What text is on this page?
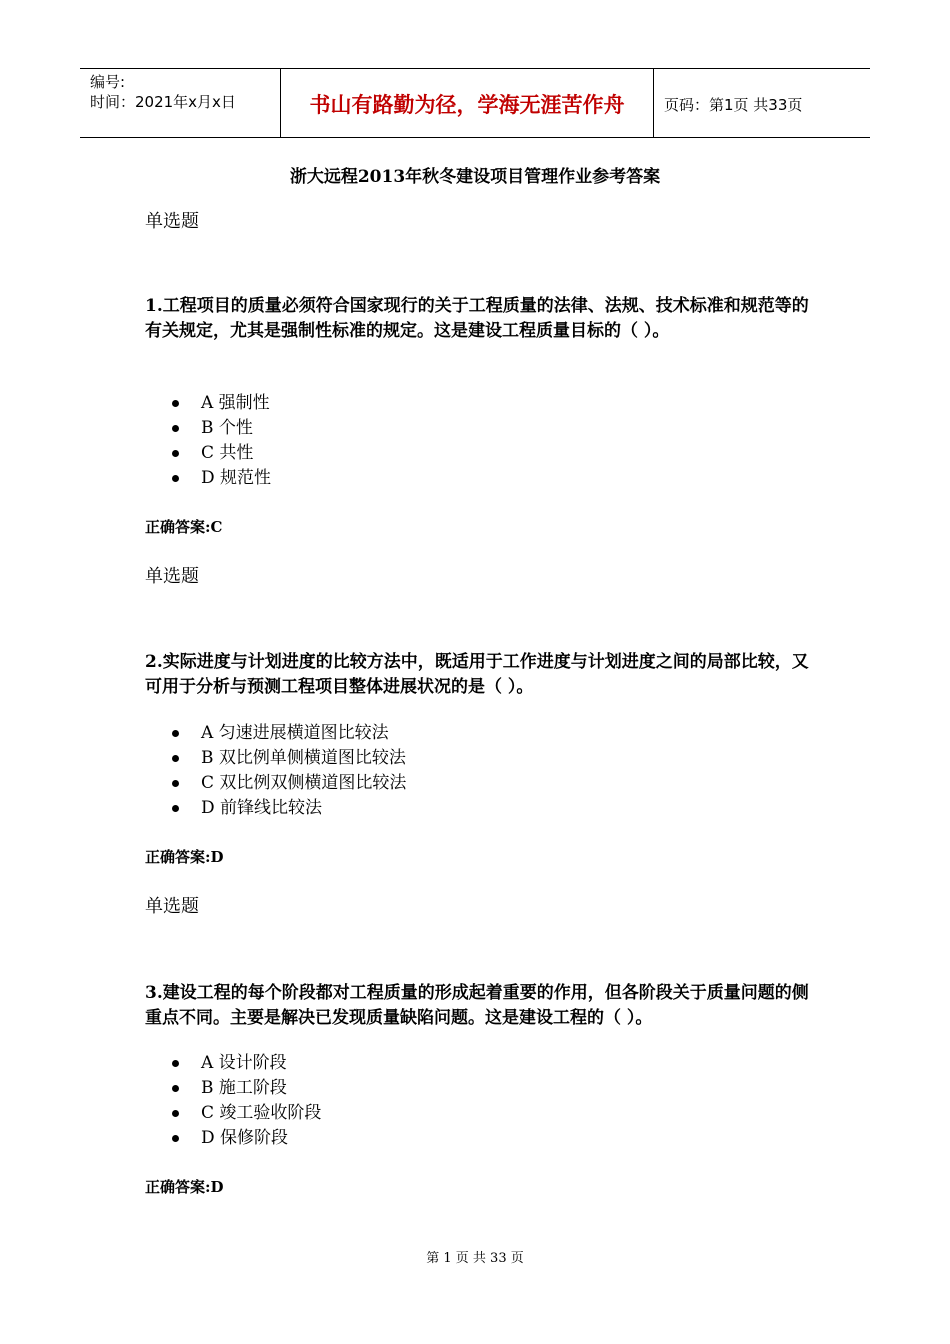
编号:
时间：2021年x月x日	书山有路勤为径，学海无涯苦作舟	页码：第1页 共33页
浙大远程2013年秋冬建设项目管理作业参考答案
单选题
1.工程项目的质量必须符合国家现行的关于工程质量的法律、法规、技术标准和规范等的有关规定，尤其是强制性标准的规定。这是建设工程质量目标的（ ）。
A 强制性
B 个性
C 共性
D 规范性
正确答案:C
单选题
2.实际进度与计划进度的比较方法中，既适用于工作进度与计划进度之间的局部比较，又可用于分析与预测工程项目整体进展状况的是（ ）。
A 匀速进展横道图比较法
B 双比例单侧横道图比较法
C 双比例双侧横道图比较法
D 前锋线比较法
正确答案:D
单选题
3.建设工程的每个阶段都对工程质量的形成起着重要的作用，但各阶段关于质量问题的侧重点不同。主要是解决已发现质量缺陷问题。这是建设工程的（ ）。
A 设计阶段
B 施工阶段
C 竣工验收阶段
D 保修阶段
正确答案:D
第 1 页 共 33 页
